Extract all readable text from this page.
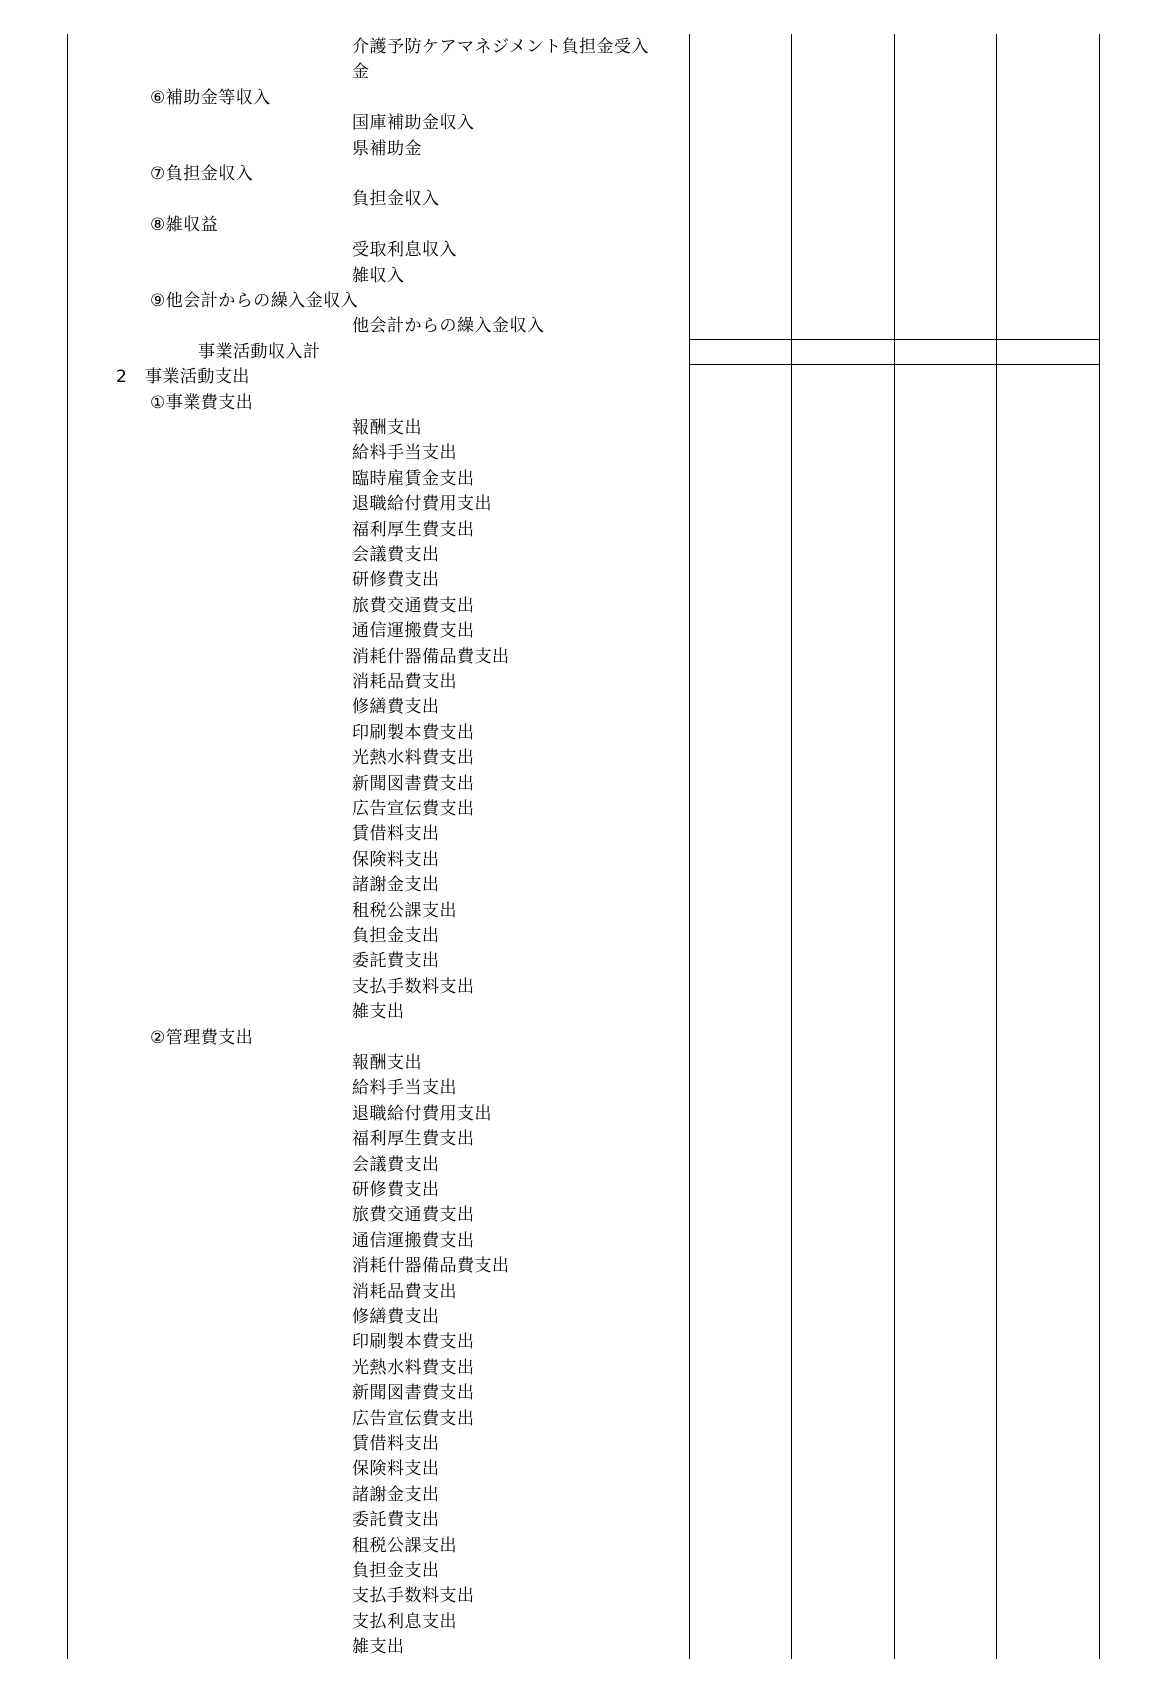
介護予防ケアマネジメント負担金受入
金
⑥補助金等収入
国庫補助金収入
県補助金
⑦負担金収入
負担金収入
⑧雑収益
受取利息収入
雑収入
⑨他会計からの繰入金収入
他会計からの繰入金収入
事業活動収入計
2　事業活動支出
①事業費支出
報酬支出
給料手当支出
臨時雇賃金支出
退職給付費用支出
福利厚生費支出
会議費支出
研修費支出
旅費交通費支出
通信運搬費支出
消耗什器備品費支出
消耗品費支出
修繕費支出
印刷製本費支出
光熱水料費支出
新聞図書費支出
広告宣伝費支出
賃借料支出
保険料支出
諸謝金支出
租税公課支出
負担金支出
委託費支出
支払手数料支出
雑支出
②管理費支出
報酬支出
給料手当支出
退職給付費用支出
福利厚生費支出
会議費支出
研修費支出
旅費交通費支出
通信運搬費支出
消耗什器備品費支出
消耗品費支出
修繕費支出
印刷製本費支出
光熱水料費支出
新聞図書費支出
広告宣伝費支出
賃借料支出
保険料支出
諸謝金支出
委託費支出
租税公課支出
負担金支出
支払手数料支出
支払利息支出
雑支出
